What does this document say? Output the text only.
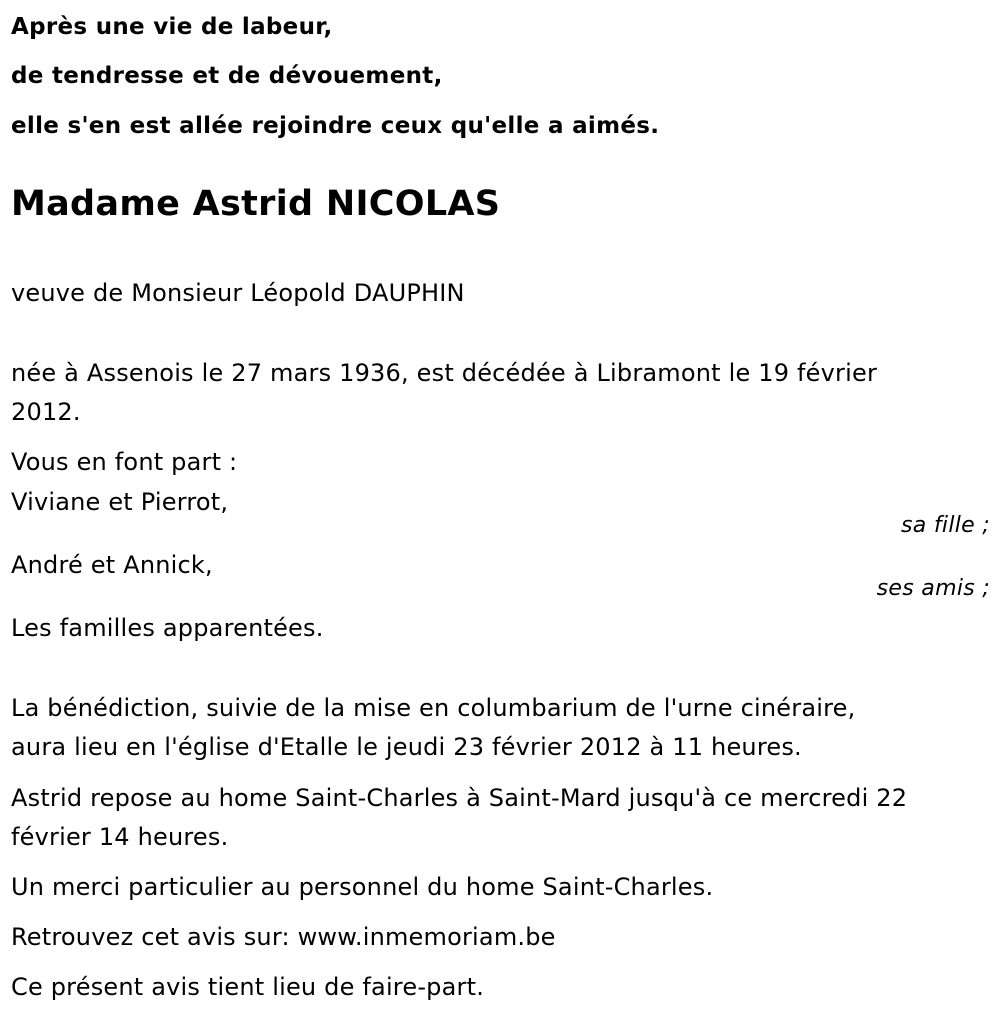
Après une vie de labeur,
de tendresse et de dévouement,
elle s'en est allée rejoindre ceux qu'elle a aimés.
Madame Astrid NICOLAS
veuve de Monsieur Léopold DAUPHIN
née à Assenois le 27 mars 1936, est décédée à Libramont le 19 février
2012.
Vous en font part :
Viviane et Pierrot,
sa fille ;
André et Annick,
ses amis ;
Les familles apparentées.
La bénédiction, suivie de la mise en columbarium de l'urne cinéraire,
aura lieu en l'église d'Etalle le jeudi 23 février 2012 à 11 heures.
Astrid repose au home Saint-Charles à Saint-Mard jusqu'à ce mercredi 22
février 14 heures.
Un merci particulier au personnel du home Saint-Charles.
Retrouvez cet avis sur: www.inmemoriam.be
Ce présent avis tient lieu de faire-part.
